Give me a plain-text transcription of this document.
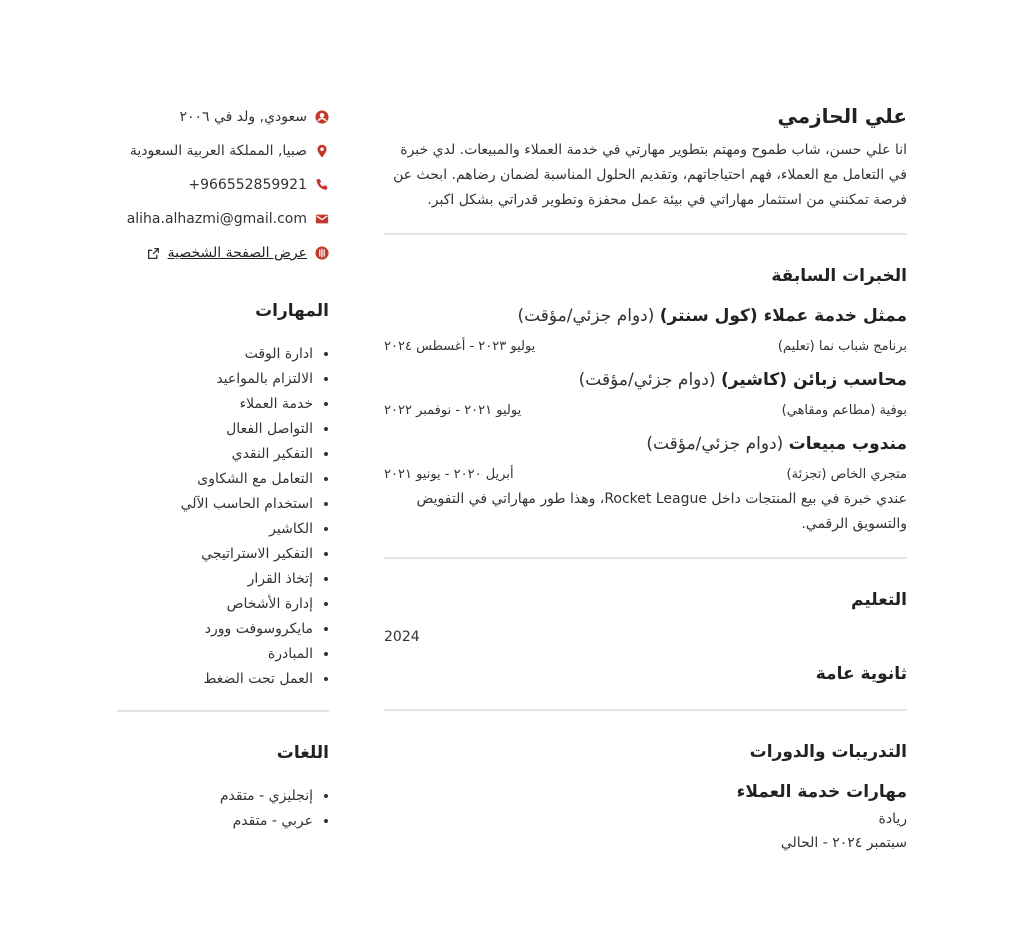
علي الحازمي

انا علي حسن، شاب طموح ومهتم بتطوير مهارتي في خدمة العملاء والمبيعات. لدي خبرة في التعامل مع العملاء، فهم احتياجاتهم، وتقديم الحلول المناسبة لضمان رضاهم. ابحث عن فرصة تمكنني من استثمار مهاراتي في بيئة عمل محفزة وتطوير قدراتي بشكل اكبر.

الخبرات السابقة
ممثل خدمة عملاء (كول سنتر) (دوام جزئي/مؤقت)
برنامج شباب نما (تعليم)
يوليو ٢٠٢٣ - أغسطس ٢٠٢٤
محاسب زبائن (كاشير) (دوام جزئي/مؤقت)
بوفية (مطاعم ومقاهي)
يوليو ٢٠٢١ - نوفمبر ٢٠٢٢
مندوب مبيعات (دوام جزئي/مؤقت)
متجري الخاص (تجزئة)
أبريل ٢٠٢٠ - يونيو ٢٠٢١
عندي خبرة في بيع المنتجات داخل Rocket League، وهذا طور مهاراتي في التفويض والتسويق الرقمي.
التعليم
2024
ثانوية عامة
التدريبات والدورات
مهارات خدمة العملاء
ريادة
سبتمبر ٢٠٢٤ - الحالي
سعودي, ولد في ٢٠٠٦
صبيا, المملكة العربية السعودية
+966552859921
aliha.alhazmi@gmail.com
عرض الصفحة الشخصية
المهارات
• ادارة الوقت
• الالتزام بالمواعيد
• خدمة العملاء
• التواصل الفعال
• التفكير النقدي
• التعامل مع الشكاوى
• استخدام الحاسب الآلي
• الكاشير
• التفكير الاستراتيجي
• إتخاذ القرار
• إدارة الأشخاص
• مايكروسوفت وورد
• المبادرة
• العمل تحت الضغط
اللغات
• إنجليزي - متقدم
• عربي - متقدم
